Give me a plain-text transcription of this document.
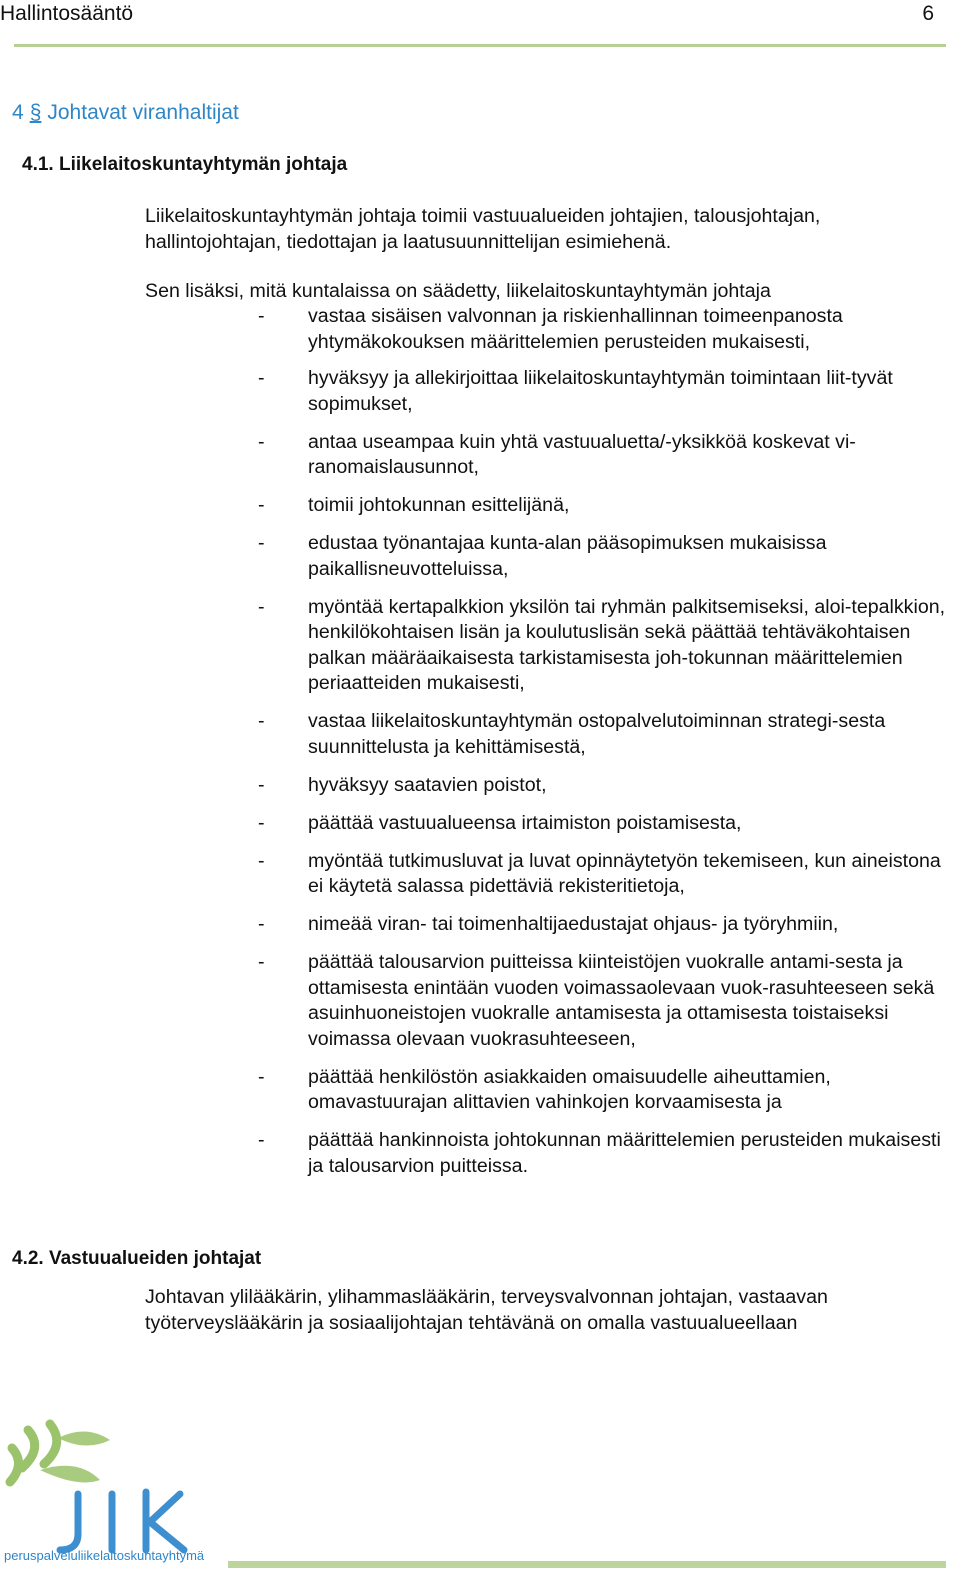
Hallintosääntö	6
4 § Johtavat viranhaltijat
4.1. Liikelaitoskuntayhtymän johtaja
Liikelaitoskuntayhtymän johtaja toimii vastuualueiden johtajien, talousjohtajan, hallintojohtajan, tiedottajan ja laatusuunnittelijan esimiehenä.
Sen lisäksi, mitä kuntalaissa on säädetty, liikelaitoskuntayhtymän johtaja
- vastaa sisäisen valvonnan ja riskienhallinnan toimeenpanosta yhtymäkokouksen määrittelemien perusteiden mukaisesti,
- hyväksyy ja allekirjoittaa liikelaitoskuntayhtymän toimintaan liit-tyvät sopimukset,
- antaa useampaa kuin yhtä vastuualuetta/-yksikköä koskevat vi-ranomaislausunnot,
- toimii johtokunnan esittelijänä,
- edustaa työnantajaa kunta-alan pääsopimuksen mukaisissa paikallisneuvotteluissa,
- myöntää kertapalkkion yksilön tai ryhmän palkitsemiseksi, aloi-tepalkkion, henkilökohtaisen lisän ja koulutuslisän sekä päättää tehtäväkohtaisen palkan määräaikaisesta tarkistamisesta joh-tokunnan määrittelemien periaatteiden mukaisesti,
- vastaa liikelaitoskuntayhtymän ostopalvelutoiminnan strategi-sesta suunnittelusta ja kehittämisestä,
- hyväksyy saatavien poistot,
- päättää vastuualueensa irtaimiston poistamisesta,
- myöntää tutkimusluvat ja luvat opinnäytetyön tekemiseen, kun aineistona ei käytetä salassa pidettäviä rekisteritietoja,
- nimeää viran- tai toimenhaltijaedustajat ohjaus- ja työryhmiin,
- päättää talousarvion puitteissa kiinteistöjen vuokralle antami-sesta ja ottamisesta enintään vuoden voimassaolevaan vuok-rasuhteeseen sekä asuinhuoneistojen vuokralle antamisesta ja ottamisesta toistaiseksi voimassa olevaan vuokrasuhteeseen,
- päättää henkilöstön asiakkaiden omaisuudelle aiheuttamien, omavastuurajan alittavien vahinkojen korvaamisesta ja
- päättää hankinnoista johtokunnan määrittelemien perusteiden mukaisesti ja talousarvion puitteissa.
4.2. Vastuualueiden johtajat
Johtavan ylilääkärin, ylihammaslääkärin, terveysvalvonnan johtajan, vastaavan työterveyslääkärin ja sosiaalijohtajan tehtävänä on omalla vastuualueellaan
JIK
peruspalveluliikelaitoskuntayhtymä
